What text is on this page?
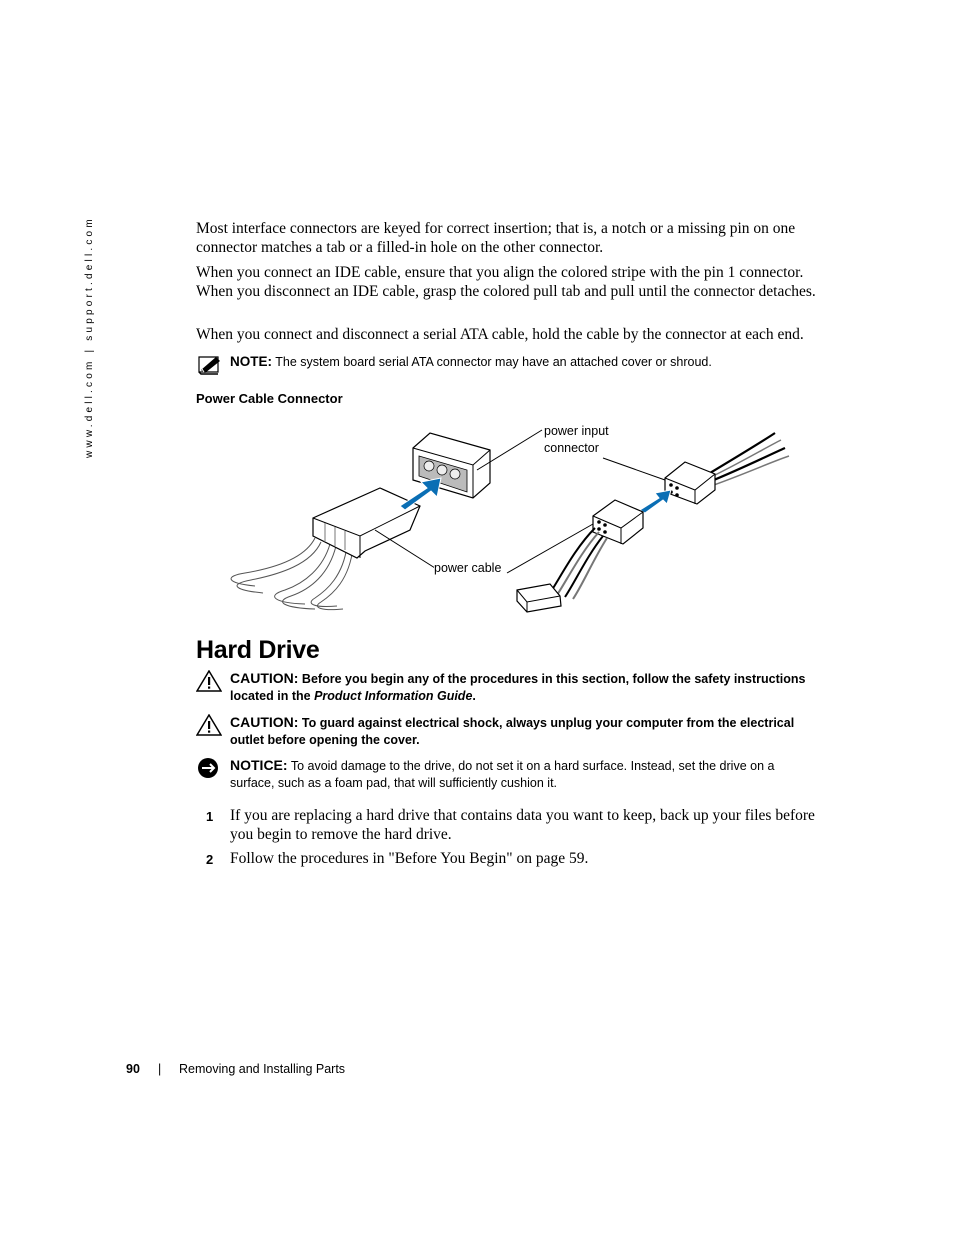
www.dell.com | support.dell.com	Most interface connectors are keyed for correct insertion; that is, a notch or a missing pin on one connector matches a tab or a filled-in hole on the other connector.

When you connect an IDE cable, ensure that you align the colored stripe with the pin 1 connector. When you disconnect an IDE cable, grasp the colored pull tab and pull until the connector detaches.

When you connect and disconnect a serial ATA cable, hold the cable by the connector at each end.

NOTE: The system board serial ATA connector may have an attached cover or shroud.
Power Cable Connector
power input connector
power cable
Hard Drive
CAUTION: Before you begin any of the procedures in this section, follow the safety instructions located in the Product Information Guide.
CAUTION: To guard against electrical shock, always unplug your computer from the electrical outlet before opening the cover.
NOTICE: To avoid damage to the drive, do not set it on a hard surface. Instead, set the drive on a surface, such as a foam pad, that will sufficiently cushion it.
1 If you are replacing a hard drive that contains data you want to keep, back up your files before you begin to remove the hard drive.
2 Follow the procedures in "Before You Begin" on page 59.
90 | Removing and Installing Parts
